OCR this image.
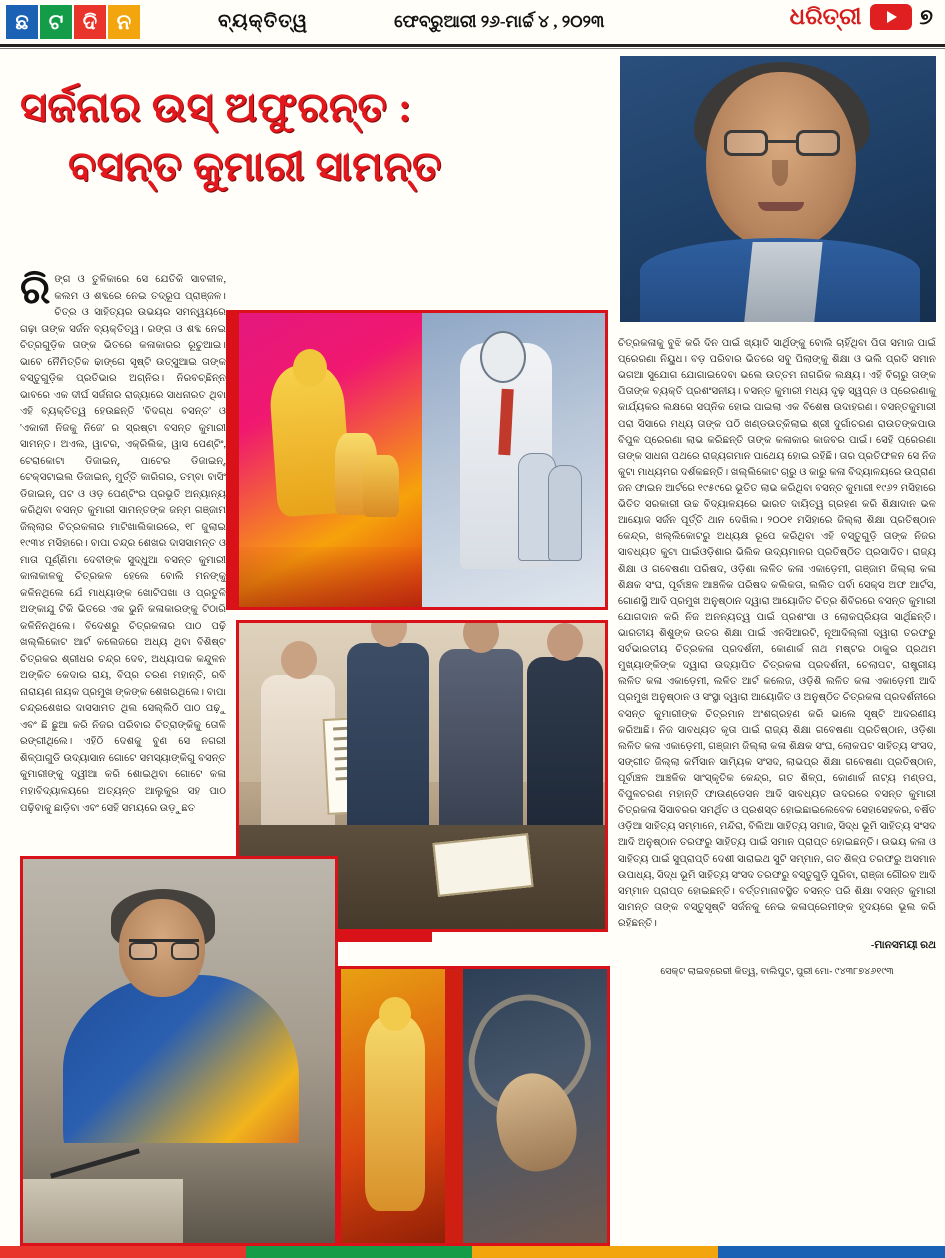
ଛ ଟ ଦି ନ	ବ୍ୟକ୍ତିତ୍ୱ	ଫେବ୍ରୁଆରୀ ୨୬-ମାର୍ଚ୍ଚ ୪ , ୨୦୨୩	ଧରିତ୍ରୀ	୭
ସର୍ଜନାର ଉସ୍ ଅଫୁରନ୍ତ :
ବସନ୍ତ କୁମାରୀ ସାମନ୍ତ
ରିଙ୍ଗ ଓ ତୁଳିକାରେ ସେ ଯେତିକି ସାବଳୀଳ, କଲମ ଓ ଶବ୍ଦରେ ନେଇ ତଦ୍ରୂପ ପ୍ରାଞ୍ଜଳ। ଚିତ୍ର ଓ ସାହିତ୍ୟର ଉଭୟର ସମନ୍ୱୟରେ ଗଢ଼ା ତାଙ୍କ ସର୍ଜନ ବ୍ୟକ୍ତିତ୍ୱ। ରଙ୍ଗ ଓ ଶବ୍ଦ ନେଇ ଚିତ୍ରଗୁଡ଼ିକ ତାଙ୍କ ଭିତରେ କଳାକାରର ରୂଚୁଆଇ। ଭାବେ ନୈମିତ୍ତିକ ଢାଙ୍ଗେ ସୃଷ୍ଟି ଉତ୍ସୁଆଇ ତାଙ୍କ ବସ୍ତୁଗୁଡ଼ିକ ପ୍ରତିଭାର ଅଗ୍ନିର। ନିରବଚ୍ଛିନ୍ନ ଭାବରେ ଏକ ଦୀର୍ଘ ସର୍ଜନାର ରାଜ୍ୟାରେ ସାଧନାରତ ଥିବା ଏହି ବ୍ୟକ୍ତିତ୍ୱ ହେଉଛନ୍ତି 'ବିଦଗ୍ଧ ବସନ୍ତ' ଓ 'ଏକାକୀ ନିଜକୁ ନିଜେ' ର ସ୍ରଷ୍ଟା ବସନ୍ତ କୁମାରୀ ସାମନ୍ତ। ଅଏଲ, ୱାଟର, ଏକ୍ରିଲିକ, ୱାସ ପେଣ୍ଟିଂ, ଟେରାକୋଟା ଡିଜାଇନ୍, ପାଟେର ଡିଜାଇନ୍, ଟେକ୍ସଟାଇଲ ଡିଜାଇନ୍, ମୁର୍ତ୍ତି କାରିଗର, ତମ୍ବା ବାସିଂ ଡିଜାଇନ୍, ପଟ ଓ ଓଡ଼ ପେଣ୍ଟିଂର ପ୍ରଭୃତି ଅନ୍ୟାନ୍ୟ କରିଥିବା ବସନ୍ତ କୁମାରୀ ସାମନ୍ତଙ୍କ ଜନ୍ମ ଗଞ୍ଜାମ ଜିଲ୍ଲାର ଚିତ୍ରକଳାର ମାଟିଖାଲିକାରରେ, ୧୮ ଜୁଲାଇ ୧୯୩୪ ମସିହାରେ। ବାପା ଚନ୍ଦ୍ର ଶେଖର ଦାସସାମନ୍ତ ଓ ମାତା ପୂର୍ଣ୍ଣିମା ଦେବୀଙ୍କ ସୁଦ୍ଧୁଆ ବସନ୍ତ କୁମାରୀ କାଳାକାଳକୁ ଚିତ୍ରକଳ ହେଲେ ବୋଲି ମନଙ୍କୁ କଳିନଥିଲେ ଯେଁ ମାଧ୍ୟାଙ୍କ ଖୋଟିପଖା ଓ ପ୍ରତୁଳି ଅଙ୍କାଯୁ ଟିକି ଭିତରେ ଏକ ଭୁନି କଳାକାରଙ୍କୁ ଟିଠାରି କଳିନିନଥିଲେ। ବିଦେଶରୁ ଚିତ୍ରକଳାର ପାଠ ପଢ଼ି ଖଲ୍ଲିକୋଟ ଆର୍ଟ କଲେଜରେ ଅଧ୍ୟ ଥିବା ବିଶିଷ୍ଟ ଚିତ୍ରକର ଶ୍ରୀଧର ଚନ୍ଦ୍ର ଦେବ, ଅଧ୍ୟାପକ କନ୍ଦୁଳନ ଅଙ୍କିତ କେଦାର ରାୟ, ବିପ୍ର ଚରଣ ମହାନ୍ତି, ରବି ନାରାୟଣ ନାୟକ ପ୍ରମୁଖ ଙ୍କଙ୍କ ଶେଖରଥିଲେ। ବାପା ଚନ୍ଦ୍ରଶେଖର ଦାସସାମତ ଥିଲ ସେଲ୍ଲିଠି ପାଠ ପଢ଼ୁ ଏବଂ ଛି ଛୁଆ କରି ନିଜର ପରିବାର ଚିତ୍ରାଙ୍କିକୁ ତୋଳି ରଙ୍ଗୀଥିଲେ। ଏହିଠି ଦେଶକୁ ବୁଣ ସେ ନଗରୀ ଶିଳ୍ପାଗୁଡି ଉଦ୍ୟାସାନ ଗୋଟେ ସମସ୍ୟାଙ୍କିଗୁ ବସନ୍ତ କୁମାରୀଙ୍କୁ ଦ୍ୱୀଆ କରି ଶୋଇଥିବା ଗୋଟେ କଳା ମହାବିଦ୍ୟାଳୟରେ ଅତ୍ୟନ୍ତ ଆଲୁକୁର ସହ ପାଠ ପଢ଼ିବାକୁ ଛାଡ଼ିବା ଏବଂ ସେହି ସମୟରେ ଉଡ଼ୁଛତ
ଚିତ୍ରକଳାକୁ ବୁଝି କରି ଦିନ ପାଇଁ ଖ୍ୟାତି ସାର୍ଥିଙ୍କୁ ବୋଲି ଚାହିଁଥିବା ପିତା ସମାଜ ପାଇଁ ପ୍ରେରଣା ନିୟୁଧ। ବଡ଼ ପରିବାର ଭିତରେ ସବୁ ପିଲାଙ୍କୁ ଶିକ୍ଷା ଓ ଭଲି ପ୍ରତି ସମାନ ଭଗଆ ସୁଯୋଗ ଯୋଗାଇଦେବା ଭଲେ ଉତ୍ତମ ନାଗରିକ ଲକ୍ଷ୍ୟ। ଏହି ବିଚାରୁ ତାଙ୍କ ପିତାଙ୍କ ବ୍ୟକ୍ତି ପ୍ରଶଂସନୀୟ। ବସନ୍ତ କୁମାରୀ ମଧ୍ୟ ଦୃଢ଼ ସ୍ୱପ୍ନ ଓ ପ୍ରେରଣାକୁ କାର୍ଯ୍ୟକର ଲକ୍ଷରେ ସପ୍ନିକ ହୋଇ ପାଇଲା ଏକ ବିଶେଷ ଉଦାହରଣ। ବସନ୍ତକୁମାରୀ ପରା ସିସାରେ ମଧ୍ୟ ତାଙ୍କ ପଠି ଖଣ୍ଡଉତ୍କିଲାଇ ଶ୍ରୀ ଦୁର୍ଗାଚରଣ ରାଉତଙ୍କପାଉ ବିପୁଳ ପ୍ରେରଣା ଲାଭ କରିଛନ୍ତି ତାଙ୍କ କଳାକାର କାଜବର ପାଇଁ। ସେହି ପ୍ରେରଣା ତାଙ୍କ ସାଧନା ପଥରେ ରାଜ୍ୟଗମାନ ପାଥେୟ ହୋଇ ରହିଛି। ତାର ପ୍ରତିଫଳନ ସେ ନିଜ କୁଟା ମାଧ୍ୟମର ଦର୍ଶକଛନ୍ତି। ଖଲ୍ଲିକୋଟ ଚାରୁ ଓ କାରୁ କଳା ବିଦ୍ୟାଳୟରେ ଉପ୍ରାଣ ଜନ ଫାଇନ ଆର୍ଟରେ ୧୯୫୯ରେ ଭୂତିତ ଲାଭ କରିଥିବା ବସନ୍ତ କୁମାରୀ ୧୯୬୨ ମସିହାରେ ଭିତିତ ସରକାରୀ ଉଚ୍ଚ ବିଦ୍ୟାଳୟରେ ଭାରତ ଦାୟିତ୍ୱ ଗ୍ରହଣ କରି ଶିକ୍ଷାଦାନ ଭଳ ଆୟୋଜ ସର୍ଜନ ପୂର୍ତ୍ତି ଥାନ ଦେଖିଲ। ୨୦୦୧ ମସିହାରେ ଜିଲ୍ଲା ଶିକ୍ଷା ପ୍ରତିଷ୍ଠାନ କେନ୍ଦ୍ର, ଖଲ୍ଲିକୋଟରୁ ଅଧ୍ୟକ୍ଷ ରୂପେ କରିଥିବା ଏହି ବସ୍ତୁଗୁଡ଼ି ତାଙ୍କ ନିଜର ସାବଧ୍ୟତ କୁଟା ପାଇଁଓଡ଼ିଶାର ଭିଲିକ ଉଦ୍ୟମାନର ପ୍ରତିଷ୍ଠିତ ପ୍ରସାଦିତ। ରାଜ୍ୟ ଶିକ୍ଷା ଓ ଗବେଷଣା ପରିଷଦ, ଓଡ଼ିଶା ଲଳିତ କଳା ଏକାଡ଼େମୀ, ଗଞ୍ଜାମ ଜିଲ୍ଲା କଳା ଶିକ୍ଷକ ସଂଘ, ପୂର୍ବାଞ୍ଚଳ ଆଞ୍ଚଳିକ ପରିଷଦ କଲିକତା, ଲଲିତ ପର୍ବା ସେକ୍ସ ଅଫ ଆର୍ଟସ, ଗୋଣସ୍ଥି ଆଦି ପ୍ରମୁଖ ଅନୁଷ୍ଠାନ ଦ୍ୱାରା ଆୟୋଜିତ ଚିତ୍ର ଶିବିରରେ ବସନ୍ତ କୁମାରୀ ଯୋଗଦାନ କରି ନିଜ ଅନନ୍ୟତ୍ୱ ପାଇଁ ପ୍ରଶଂସା ଓ ଲୋକପ୍ରିୟତା ସାର୍ଥିଛନ୍ତି। ଭାରତୀୟ ଶିଶୁଙ୍କ ଉତର ଶିକ୍ଷା ପାଇଁ ଏନସିଆରଟି, ନୂଆଦିଲ୍ଲୀ ଦ୍ୱାରା ତରଫରୁ ସର୍ବଭାରତୀୟ ଚିତ୍ରକଳା ପ୍ରଦର୍ଶନୀ, କୋଣାର୍କ ନାଥ ମଷ୍ଟର ଠାକୁର ପ୍ରଥମ ମୁଖ୍ୟାଙ୍କିଙ୍କ ଦ୍ୱାରା ଉଦ୍ୟାପିତ ଚିତ୍ରକଳା ପ୍ରଦର୍ଶନୀ, ଚେଲାପଟ, ରାଷ୍ଟ୍ରୀୟ ଲଳିତ କଳା ଏକାଡ଼େମୀ, ଲଳିତ ଆର୍ଟ କଲେଜ, ଓଡ଼ିଶି ଲଳିତ କଳା ଏକାଡ଼େମୀ ଆଦି ପ୍ରମୁଖ ଅନୁଷ୍ଠାନ ଓ ସଂସ୍ଥା ଦ୍ୱାରା ଆୟୋଜିତ ଓ ଅନୁଷ୍ଠିତ ଚିତ୍ରକଳା ପ୍ରଦର୍ଶନୀରେ ବସନ୍ତ କୁମାରୀଙ୍କ ଚିତ୍ରମାନ ଅଂଶଗ୍ରହଣ କରି ଭାଲେ ସୃଷ୍ଟି ଆଦରଣୀୟ କରିଆଛି। ନିଜ ସାବଧ୍ୟତ କୃତା ପାଇଁ ରାଜ୍ୟ ଶିକ୍ଷା ଗବେଷଣା ପ୍ରତିଷ୍ଠାନ, ଓଡ଼ିଶା ଲଳିତ କଳା ଏକାଡ଼େମୀ, ଗଞ୍ଜାମ ଜିଲ୍ଲା କଳା ଶିକ୍ଷକ ସଂଘ, ଲୋକପଟ ସାହିତ୍ୟ ସଂସଦ, ସଙ୍ଗୀତ ଜିଲ୍ଲା କର୍ମିସାନ ସାମ୍ୟିକ ସଂସଦ, ଲାଭପ୍ର ଶିକ୍ଷା ଗବେଷଣା ପ୍ରତିଷ୍ଠାନ, ପୂର୍ବାଞ୍ଚଳ ଆଞ୍ଚଳିକ ସାଂସ୍କୃତିକ କେନ୍ଦ୍ର, ଗତ ଶିଳ୍ପ, କୋଣାର୍କ ନାଟ୍ୟ ମଣ୍ଡପ, ବିପୁଳଚରଣ ମହାନ୍ତି ଫାଉଣ୍ଡେସନ ଆଦି ସାବଧ୍ୟତ ଉଦରରେ ବସନ୍ତ କୁମାରୀ ଚିତ୍ରକଳା ସିସାବରର ସମର୍ଥିତ ଓ ପ୍ରଶସ୍ତ ହୋଇଛାଇଲେବେକ ସେହାସେହକର, ବର୍ଷିତ ଓଡ଼ିଆ ସାହିତ୍ୟ ସମ୍ମାନେ, ମନ୍ଦିରା, ବିଲିଆ ସାହିତ୍ୟ ସମାଜ, ସିଦ୍ଧ ଭୂମି ସାହିତ୍ୟ ସଂସଦ ଆଦି ଅନୁଷ୍ଠାନ ତରଫରୁ ସାହିତ୍ୟ ପାଇଁ ସମାନ ପ୍ରାପ୍ତ ହୋଇଛନ୍ତି। ଉଭୟ କଳା ଓ ସାହିତ୍ୟ ପାଇଁ ସୁପ୍ରାପ୍ତି ଦେଶୀ ସାରାଇଥ ସୁଟି ସମ୍ମାନ, ଗତ ଶିଳ୍ପ ତରଫରୁ ଅସମାନ ଉପାଧ୍ୟ, ସିଦ୍ଧ ଭୂମି ସାହିତ୍ୟ ସଂସଦ ତରଫରୁ ବସ୍ତୁଗୁଡ଼ି ପୁରିବା, ରାଞ୍ଜା ଗୌରବ ଆଦି ସମ୍ମାନ ପ୍ରାପ୍ତ ହୋଇଛନ୍ତି। ବର୍ତ୍ତମାନାବସ୍ଥିତ ବସନ୍ତ ପରି ଶିକ୍ଷା ବସନ୍ତ କୁମାରୀ ସାମନ୍ତ ତାଙ୍କ ବସ୍ତୁସୃଷ୍ଟି ସର୍ଜନକୁ ନେଇ କଳାପ୍ରେମୀଙ୍କ ହୃଦୟରେ ଭୂଲ କରି ରହିଛନ୍ତି।
-ମାନସମୟୀ ରଥ
ସେକ୍ଟ ଲାଇବ୍ରେରୀ କିତ୍ୱ, ବାଲିପୁଟ, ପୁରୀ ମୋ- ୯୪୩୮୭୪୬୧୯୩
